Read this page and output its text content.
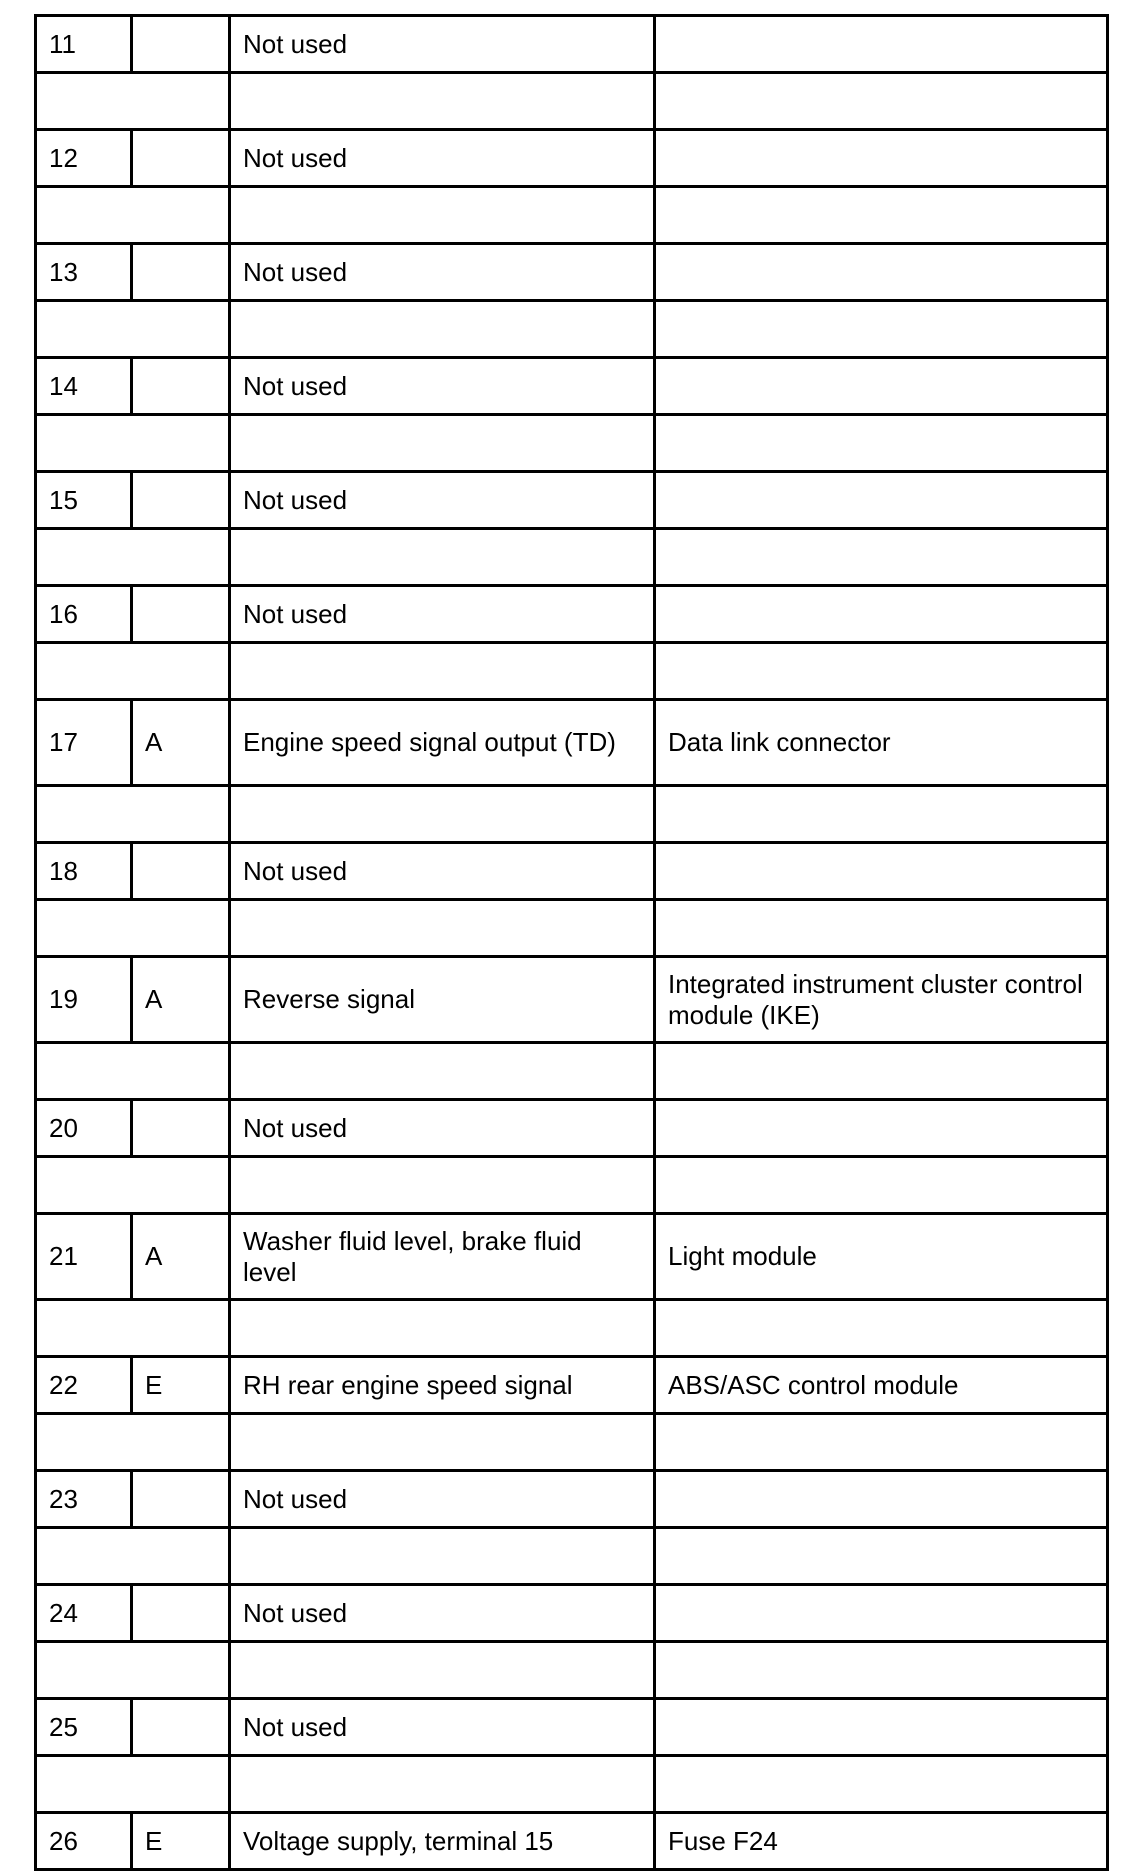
11		Not used	

12		Not used	

13		Not used	

14		Not used	

15		Not used	

16		Not used	

17	A	Engine speed signal output (TD)	Data link connector

18		Not used	

19	A	Reverse signal	Integrated instrument cluster control module (IKE)

20		Not used	

21	A	Washer fluid level, brake fluid level	Light module

22	E	RH rear engine speed signal	ABS/ASC control module

23		Not used	

24		Not used	

25		Not used	

26	E	Voltage supply, terminal 15	Fuse F24
